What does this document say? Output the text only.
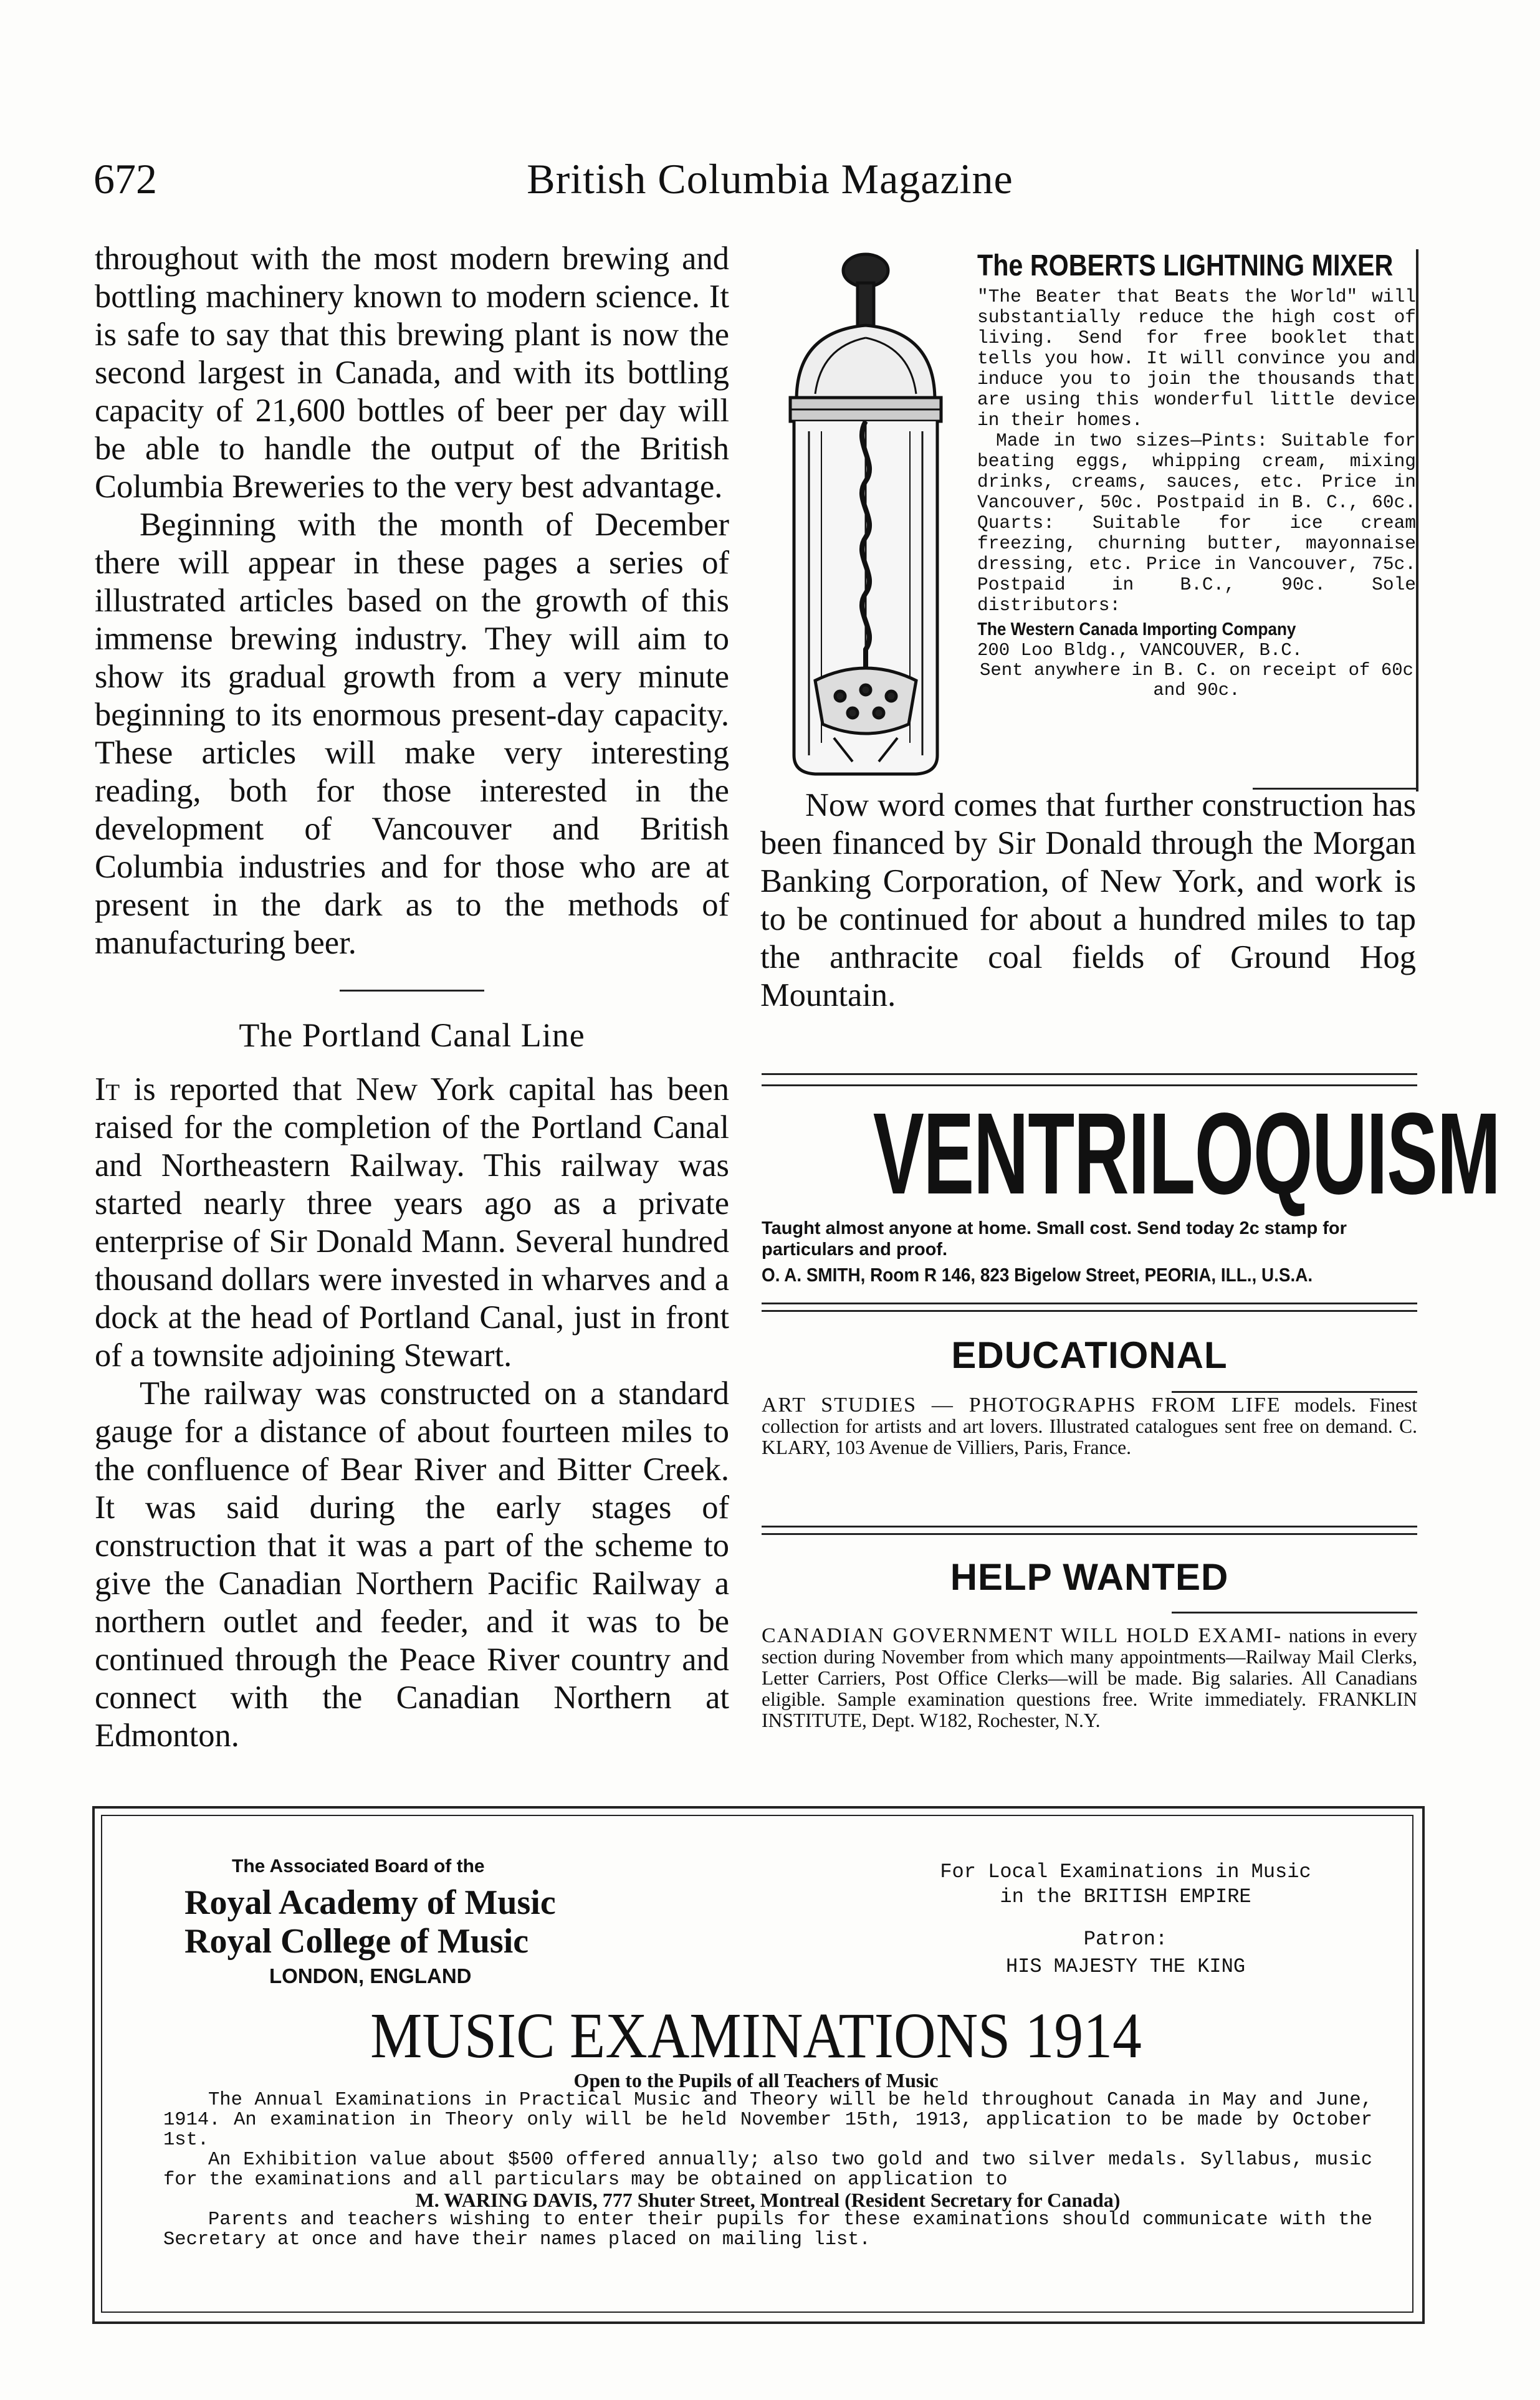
672	British Columbia Magazine

throughout with the most modern brewing and bottling machinery known to modern science. It is safe to say that this brewing plant is now the second largest in Canada, and with its bottling capacity of 21,600 bottles of beer per day will be able to handle the output of the British Columbia Breweries to the very best advantage.

Beginning with the month of December there will appear in these pages a series of illustrated articles based on the growth of this immense brewing industry. They will aim to show its gradual growth from a very minute beginning to its enormous present-day capacity. These articles will make very interesting reading, both for those interested in the development of Vancouver and British Columbia industries and for those who are at present in the dark as to the methods of manufacturing beer.

The Portland Canal Line

It is reported that New York capital has been raised for the completion of the Portland Canal and Northeastern Railway. This railway was started nearly three years ago as a private enterprise of Sir Donald Mann. Several hundred thousand dollars were invested in wharves and a dock at the head of Portland Canal, just in front of a townsite adjoining Stewart.

The railway was constructed on a standard gauge for a distance of about fourteen miles to the confluence of Bear River and Bitter Creek. It was said during the early stages of construction that it was a part of the scheme to give the Canadian Northern Pacific Railway a northern outlet and feeder, and it was to be continued through the Peace River country and connect with the Canadian Northern at Edmonton.

The ROBERTS LIGHTNING MIXER
"The Beater that Beats the World" will substantially reduce the high cost of living. Send for free booklet that tells you how. It will convince you and induce you to join the thousands that are using this wonderful little device in their homes.
Made in two sizes—Pints: Suitable for beating eggs, whipping cream, mixing drinks, creams, sauces, etc. Price in Vancouver, 50c. Postpaid in B. C., 60c. Quarts: Suitable for ice cream freezing, churning butter, mayonnaise dressing, etc. Price in Vancouver, 75c. Postpaid in B.C., 90c. Sole distributors:
The Western Canada Importing Company
200 Loo Bldg., VANCOUVER, B.C.
Sent anywhere in B. C. on receipt of 60c and 90c.

Now word comes that further construction has been financed by Sir Donald through the Morgan Banking Corporation, of New York, and work is to be continued for about a hundred miles to tap the anthracite coal fields of Ground Hog Mountain.

VENTRILOQUISM
Taught almost anyone at home. Small cost. Send today 2c stamp for particulars and proof.
O. A. SMITH, Room R 146, 823 Bigelow Street, PEORIA, ILL., U.S.A.
EDUCATIONAL
ART STUDIES — PHOTOGRAPHS FROM LIFE models. Finest collection for artists and art lovers. Illustrated catalogues sent free on demand. C. KLARY, 103 Avenue de Villiers, Paris, France.
HELP WANTED
CANADIAN GOVERNMENT WILL HOLD EXAMI- nations in every section during November from which many appointments—Railway Mail Clerks, Letter Carriers, Post Office Clerks—will be made. Big salaries. All Canadians eligible. Sample examination questions free. Write immediately. FRANKLIN INSTITUTE, Dept. W182, Rochester, N.Y.
The Associated Board of the
Royal Academy of Music
Royal College of Music
LONDON, ENGLAND
For Local Examinations in Music
in the BRITISH EMPIRE
Patron:
HIS MAJESTY THE KING
MUSIC EXAMINATIONS 1914
Open to the Pupils of all Teachers of Music

The Annual Examinations in Practical Music and Theory will be held throughout Canada in May and June, 1914. An examination in Theory only will be held November 15th, 1913, application to be made by October 1st.

An Exhibition value about $500 offered annually; also two gold and two silver medals. Syllabus, music for the examinations and all particulars may be obtained on application to

M. WARING DAVIS, 777 Shuter Street, Montreal (Resident Secretary for Canada)

Parents and teachers wishing to enter their pupils for these examinations should communicate with the Secretary at once and have their names placed on mailing list.
